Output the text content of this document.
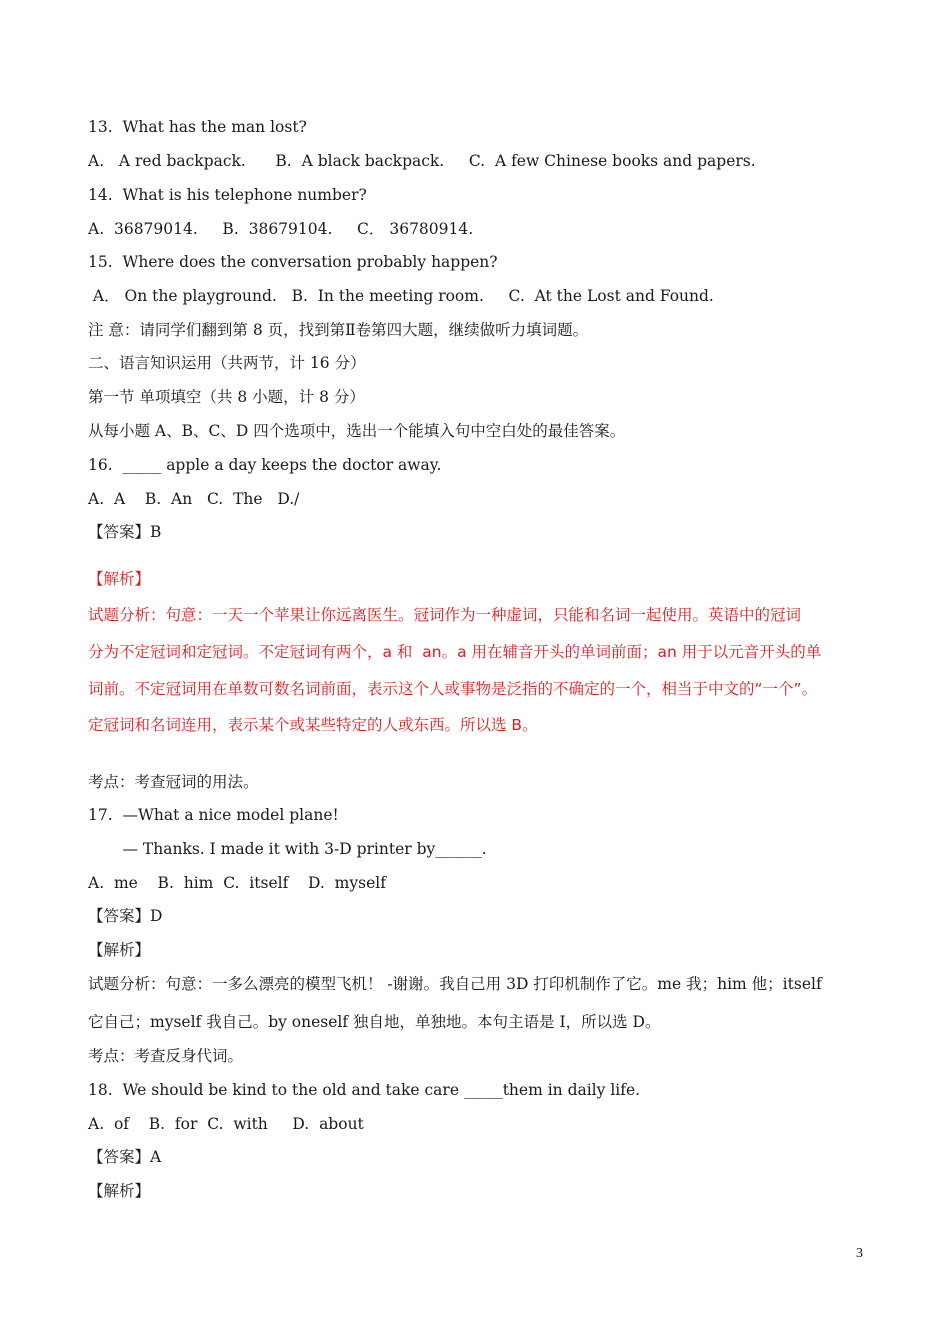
13.  What has the man lost?
A.   A red backpack.      B.  A black backpack.     C.  A few Chinese books and papers.
14.  What is his telephone number?
A.  36879014.     B.  38679104.     C． 36780914.
15.  Where does the conversation probably happen?
A． On the playground.   B.  In the meeting room.     C.  At the Lost and Found.
注 意：请同学们翻到第 8 页，找到第Ⅱ卷第四大题，继续做听力填词题。
二、语言知识运用（共两节，计 16 分）
第一节 单项填空（共 8 小题，计 8 分）
从每小题 A、B、C、D 四个选项中，选出一个能填入句中空白处的最佳答案。
16.  _____ apple a day keeps the doctor away.
A.  A    B.  An   C.  The   D./
【答案】B
【解析】
试题分析：句意：一天一个苹果让你远离医生。冠词作为一种虚词，只能和名词一起使用。英语中的冠词
分为不定冠词和定冠词。不定冠词有两个，a 和  an。a 用在辅音开头的单词前面；an 用于以元音开头的单
词前。不定冠词用在单数可数名词前面，表示这个人或事物是泛指的不确定的一个，相当于中文的“一个”。
定冠词和名词连用，表示某个或某些特定的人或东西。所以选 B。
考点：考查冠词的用法。
17.  —What a nice model plane!
— Thanks. I made it with 3-D printer by______.
A.  me    B.  him  C.  itself    D.  myself
【答案】D
【解析】
试题分析：句意：一多么漂亮的模型飞机！ -谢谢。我自己用 3D 打印机制作了它。me 我；him 他；itself
它自己；myself 我自己。by oneself 独自地，单独地。本句主语是 I，所以选 D。
考点：考查反身代词。
18.  We should be kind to the old and take care _____them in daily life.
A.  of    B.  for  C.  with     D.  about
【答案】A
【解析】
3
